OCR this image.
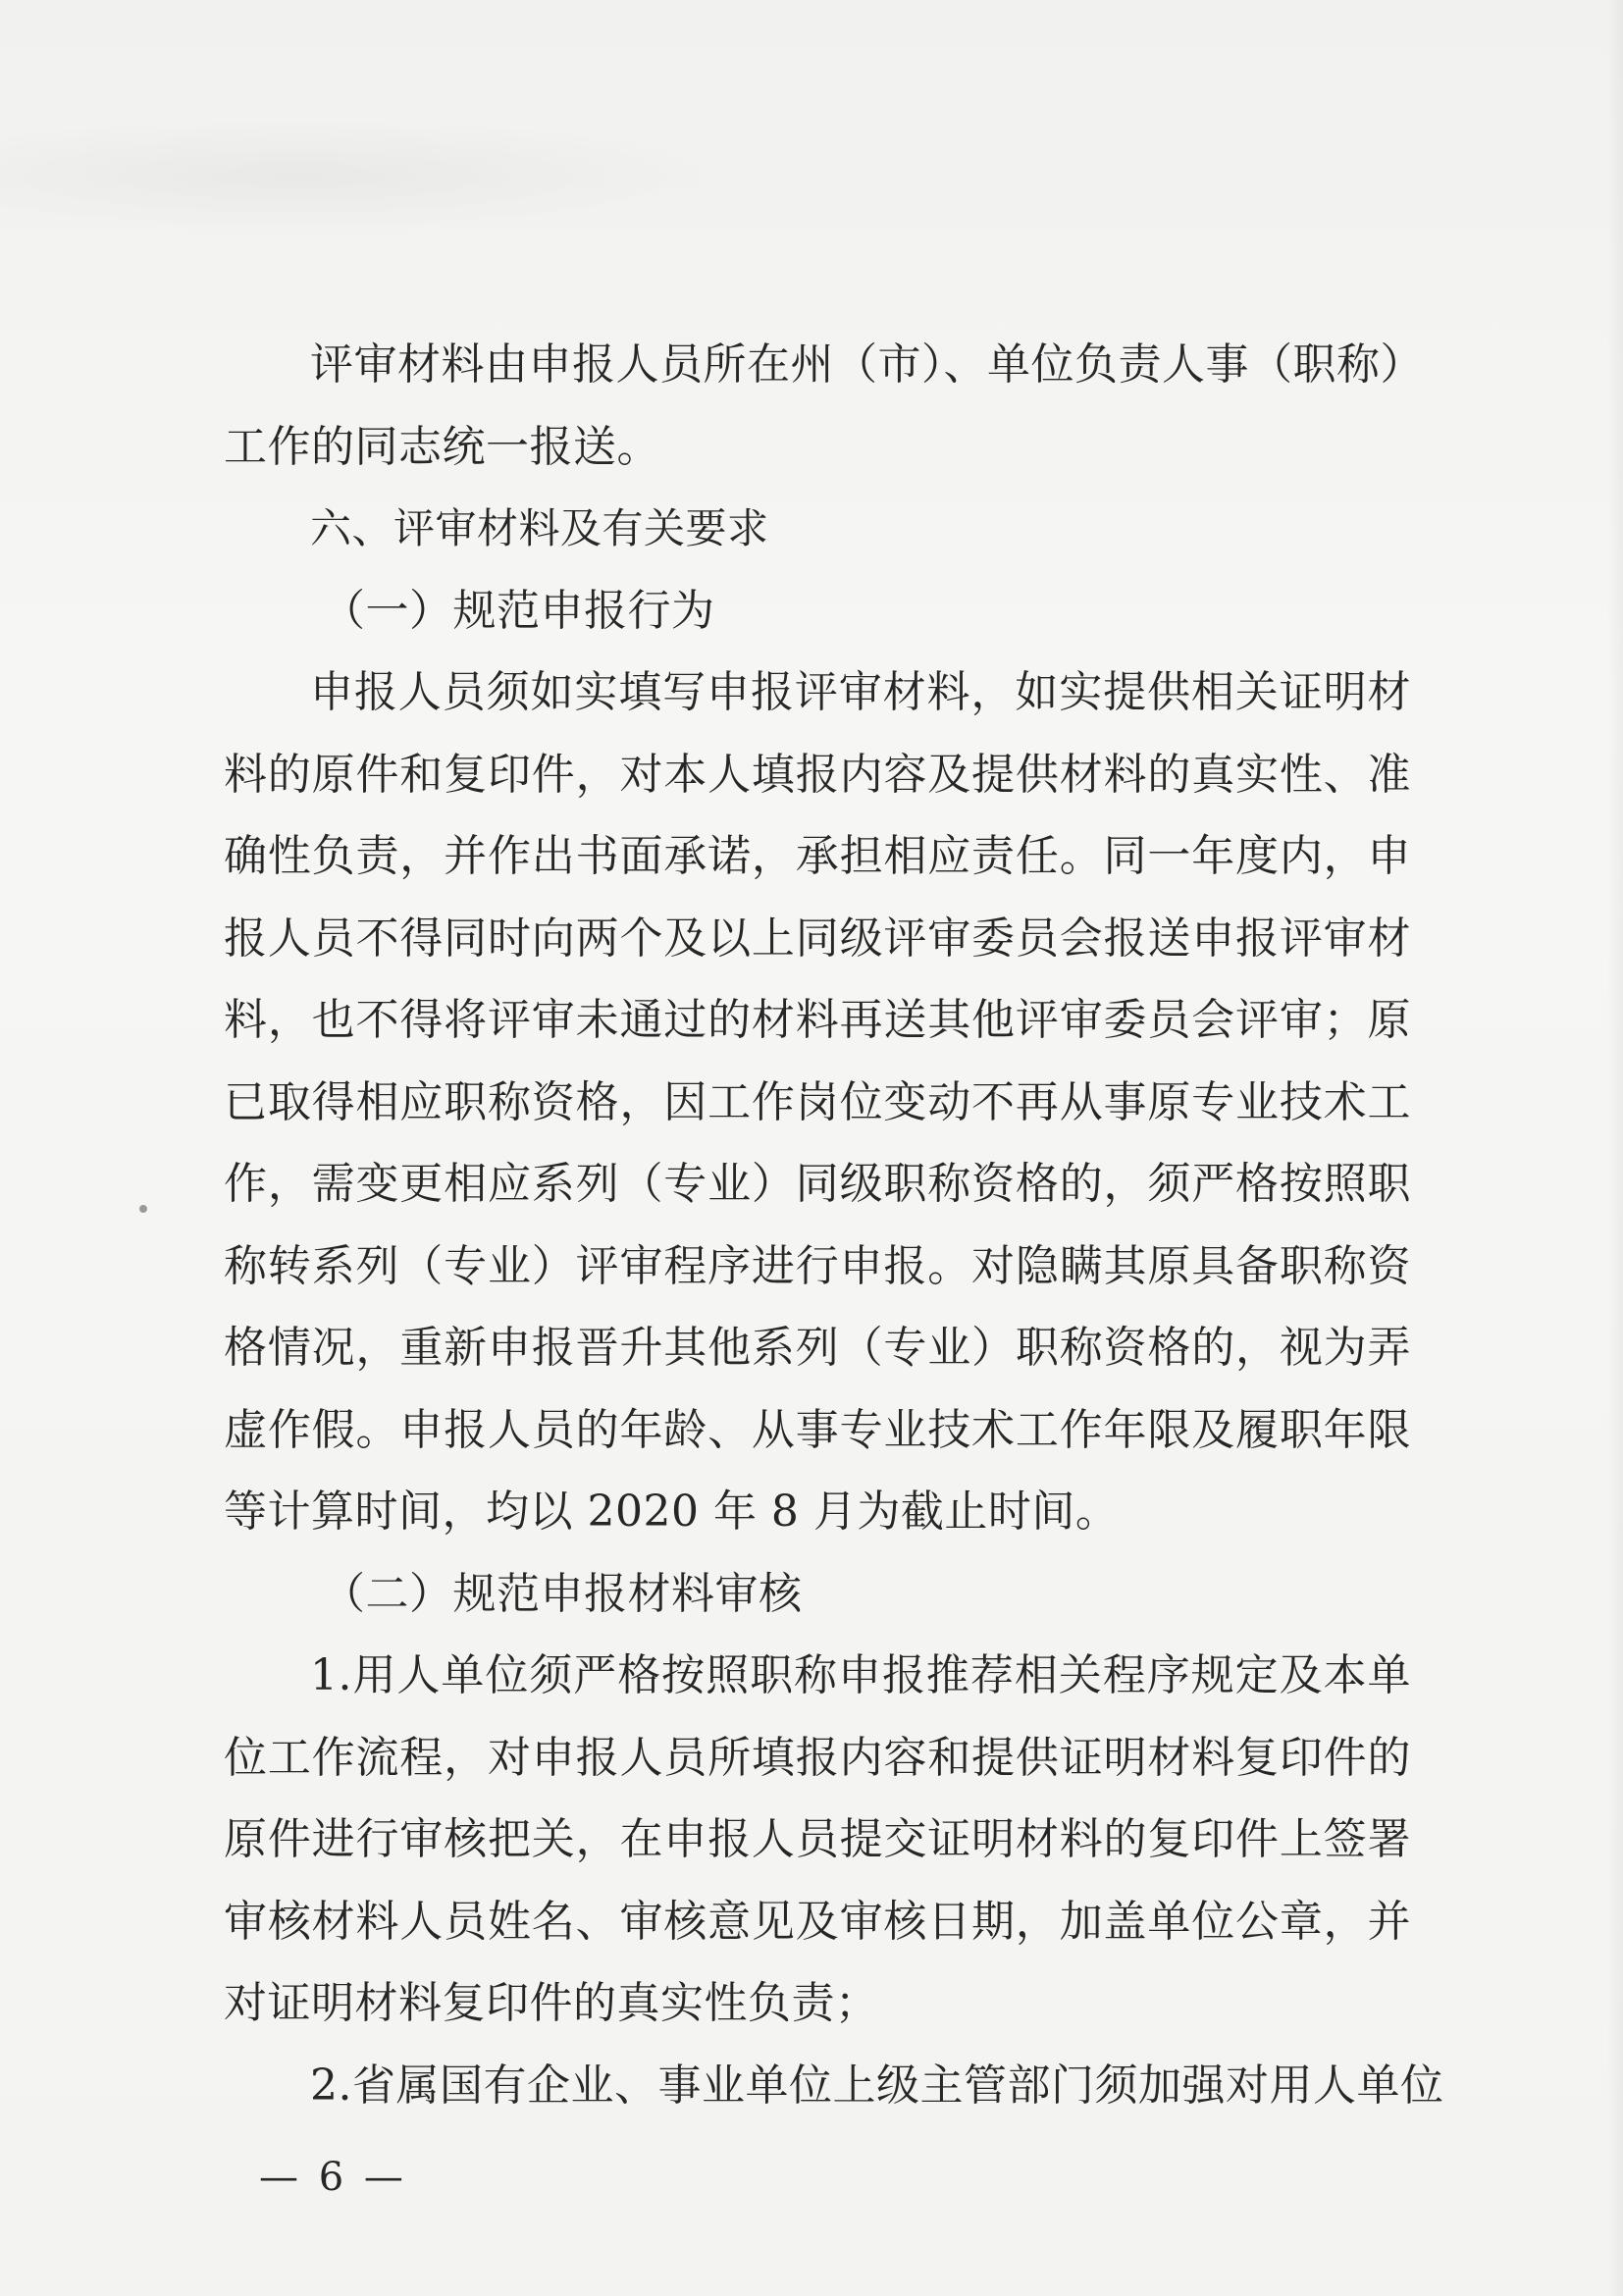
评审材料由申报人员所在州（市）、单位负责人事（职称）
工作的同志统一报送。
六、评审材料及有关要求
（一）规范申报行为
申报人员须如实填写申报评审材料，如实提供相关证明材
料的原件和复印件，对本人填报内容及提供材料的真实性、准
确性负责，并作出书面承诺，承担相应责任。同一年度内，申
报人员不得同时向两个及以上同级评审委员会报送申报评审材
料，也不得将评审未通过的材料再送其他评审委员会评审；原
已取得相应职称资格，因工作岗位变动不再从事原专业技术工
作，需变更相应系列（专业）同级职称资格的，须严格按照职
称转系列（专业）评审程序进行申报。对隐瞒其原具备职称资
格情况，重新申报晋升其他系列（专业）职称资格的，视为弄
虚作假。申报人员的年龄、从事专业技术工作年限及履职年限
等计算时间，均以 2020 年 8 月为截止时间。
（二）规范申报材料审核
1.用人单位须严格按照职称申报推荐相关程序规定及本单
位工作流程，对申报人员所填报内容和提供证明材料复印件的
原件进行审核把关，在申报人员提交证明材料的复印件上签署
审核材料人员姓名、审核意见及审核日期，加盖单位公章，并
对证明材料复印件的真实性负责；
2.省属国有企业、事业单位上级主管部门须加强对用人单位
— 6 —
